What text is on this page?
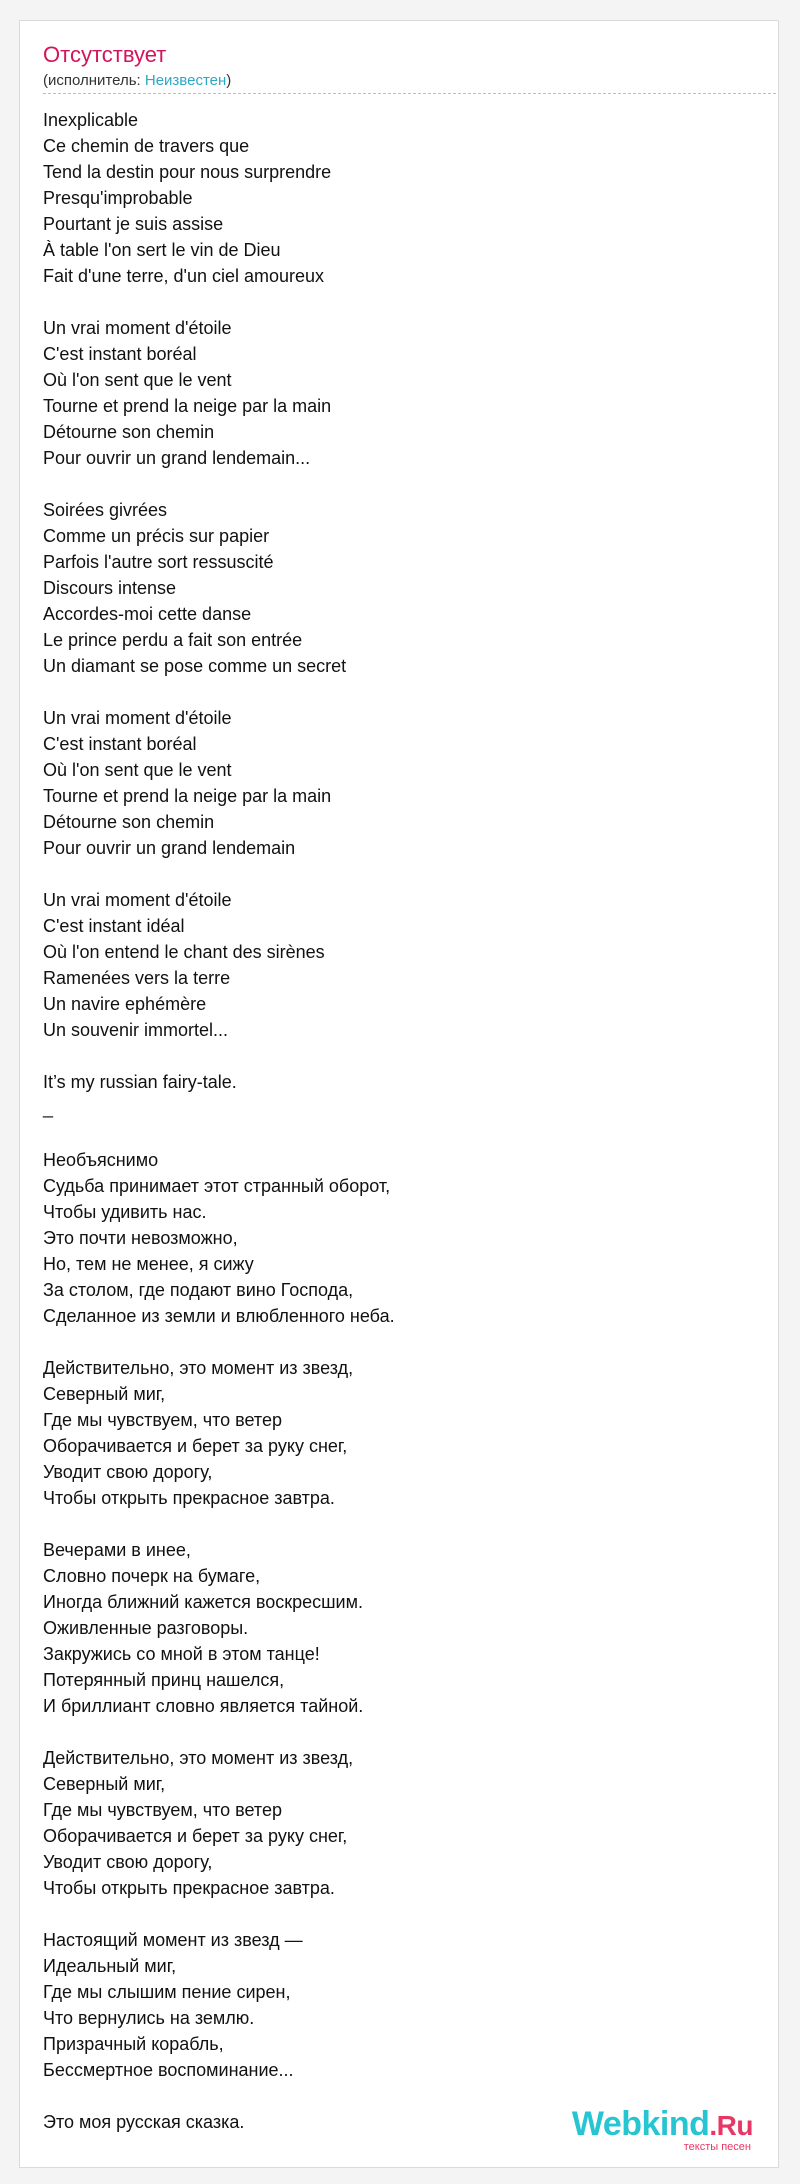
Отсутствует
(исполнитель: Неизвестен)
Inexplicable
Ce chemin de travers que
Tend la destin pour nous surprendre
Presqu'improbable
Pourtant je suis assise
À table l'on sert le vin de Dieu
Fait d'une terre, d'un ciel amoureux
Un vrai moment d'étoile
C'est instant boréal
Où l'on sent que le vent
Tourne et prend la neige par la main
Détourne son chemin
Pour ouvrir un grand lendemain...
Soirées givrées
Comme un précis sur papier
Parfois l'autre sort ressuscité
Discours intense
Accordes-moi cette danse
Le prince perdu a fait son entrée
Un diamant se pose comme un secret
Un vrai moment d'étoile
C'est instant boréal
Où l'on sent que le vent
Tourne et prend la neige par la main
Détourne son chemin
Pour ouvrir un grand lendemain
Un vrai moment d'étoile
C'est instant idéal
Où l'on entend le chant des sirènes
Ramenées vers la terre
Un navire ephémère
Un souvenir immortel...
It’s my russian fairy-tale.
_
Необъяснимо
Судьба принимает этот странный оборот,
Чтобы удивить нас.
Это почти невозможно,
Но, тем не менее, я сижу
За столом, где подают вино Господа,
Сделанное из земли и влюбленного неба.
Действительно, это момент из звезд,
Северный миг,
Где мы чувствуем, что ветер
Оборачивается и берет за руку снег,
Уводит свою дорогу,
Чтобы открыть прекрасное завтра.
Вечерами в инее,
Словно почерк на бумаге,
Иногда ближний кажется воскресшим.
Оживленные разговоры.
Закружись со мной в этом танце!
Потерянный принц нашелся,
И бриллиант словно является тайной.
Действительно, это момент из звезд,
Северный миг,
Где мы чувствуем, что ветер
Оборачивается и берет за руку снег,
Уводит свою дорогу,
Чтобы открыть прекрасное завтра.
Настоящий момент из звезд —
Идеальный миг,
Где мы слышим пение сирен,
Что вернулись на землю.
Призрачный корабль,
Бессмертное воспоминание...
Это моя русская сказка.	Webkind.Ru
тексты песен
